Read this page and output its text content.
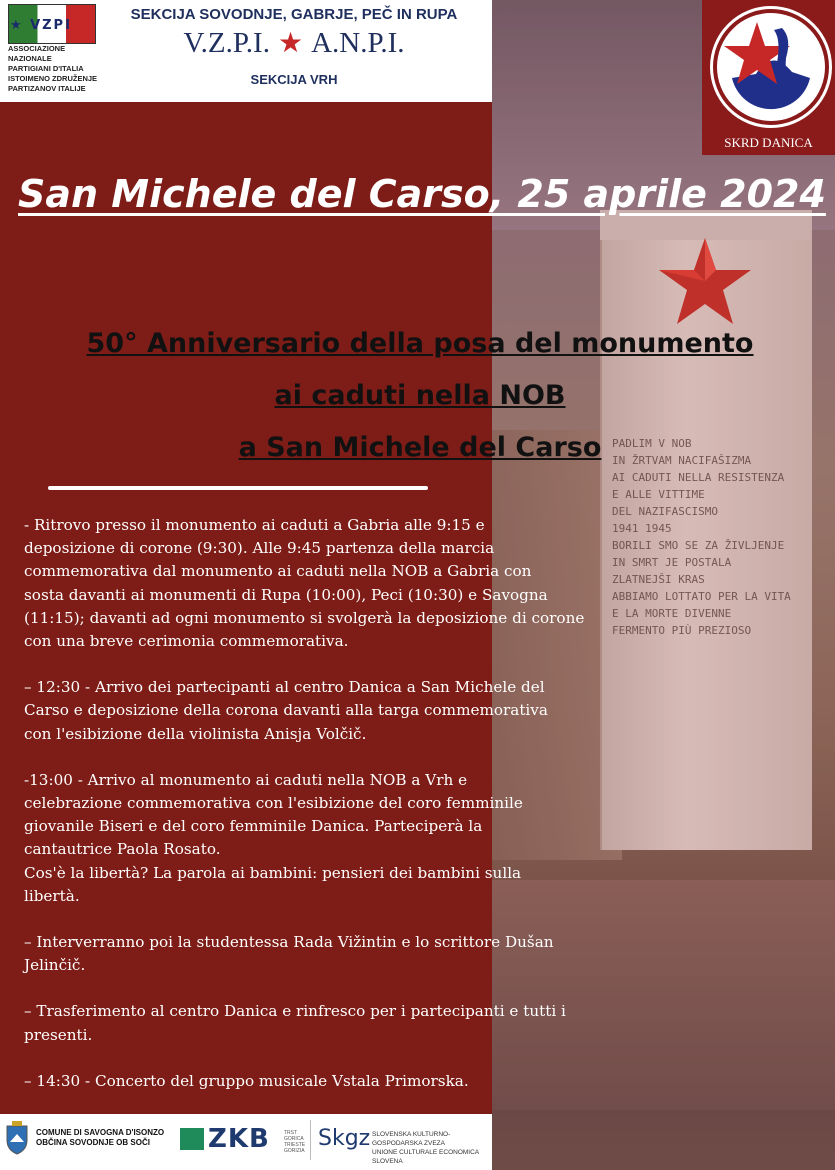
PADLIM V NOB
IN ŽRTVAM NACIFAŠIZMA
AI CADUTI NELLA RESISTENZA
E ALLE VITTIME
DEL NAZIFASCISMO
1941 1945
BORILI SMO SE ZA ŽIVLJENJE
IN SMRT JE POSTALA
ZLATNEJŠI KRAS
ABBIAMO LOTTATO PER LA VITA
E LA MORTE DIVENNE
FERMENTO PIÙ PREZIOSO
★ VZPI
ASSOCIAZIONE NAZIONALE
PARTIGIANI D'ITALIA
ISTOIMENO ZDRUŽENJE
PARTIZANOV ITALIJE
SEKCIJA SOVODNJE, GABRJE, PEČ IN RUPA
V.Z.P.I. ★ A.N.P.I.
SEKCIJA VRH
SKRD DANICA
San Michele del Carso, 25 aprile 2024
50° Anniversario della posa del monumento
ai caduti nella NOB
a San Michele del Carso

- Ritrovo presso il monumento ai caduti a Gabria alle 9:15 e
deposizione di corone (9:30). Alle 9:45 partenza della marcia
commemorativa dal monumento ai caduti nella NOB a Gabria con
sosta davanti ai monumenti di Rupa (10:00), Peci (10:30) e Savogna
(11:15); davanti ad ogni monumento si svolgerà la deposizione di corone
con una breve cerimonia commemorativa.

– 12:30 - Arrivo dei partecipanti al centro Danica a San Michele del
Carso e deposizione della corona davanti alla targa commemorativa
con l'esibizione della violinista Anisja Volčič.

-13:00 - Arrivo al monumento ai caduti nella NOB a Vrh e
celebrazione commemorativa con l'esibizione del coro femminile
giovanile Biseri e del coro femminile Danica. Parteciperà la
cantautrice Paola Rosato.
Cos'è la libertà? La parola ai bambini: pensieri dei bambini sulla
libertà.

– Interverranno poi la studentessa Rada Vižintin e lo scrittore Dušan
Jelinčič.

– Trasferimento al centro Danica e rinfresco per i partecipanti e tutti i
presenti.

– 14:30 - Concerto del gruppo musicale Vstala Primorska.

COMUNE DI SAVOGNA D'ISONZO
OBČINA SOVODNJE OB SOČI	ZKB	TRST
GORICA
TRIESTE
GORIZIA Skgz SLOVENSKA KULTURNO-GOSPODARSKA ZVEZA
UNIONE CULTURALE ECONOMICA SLOVENA
